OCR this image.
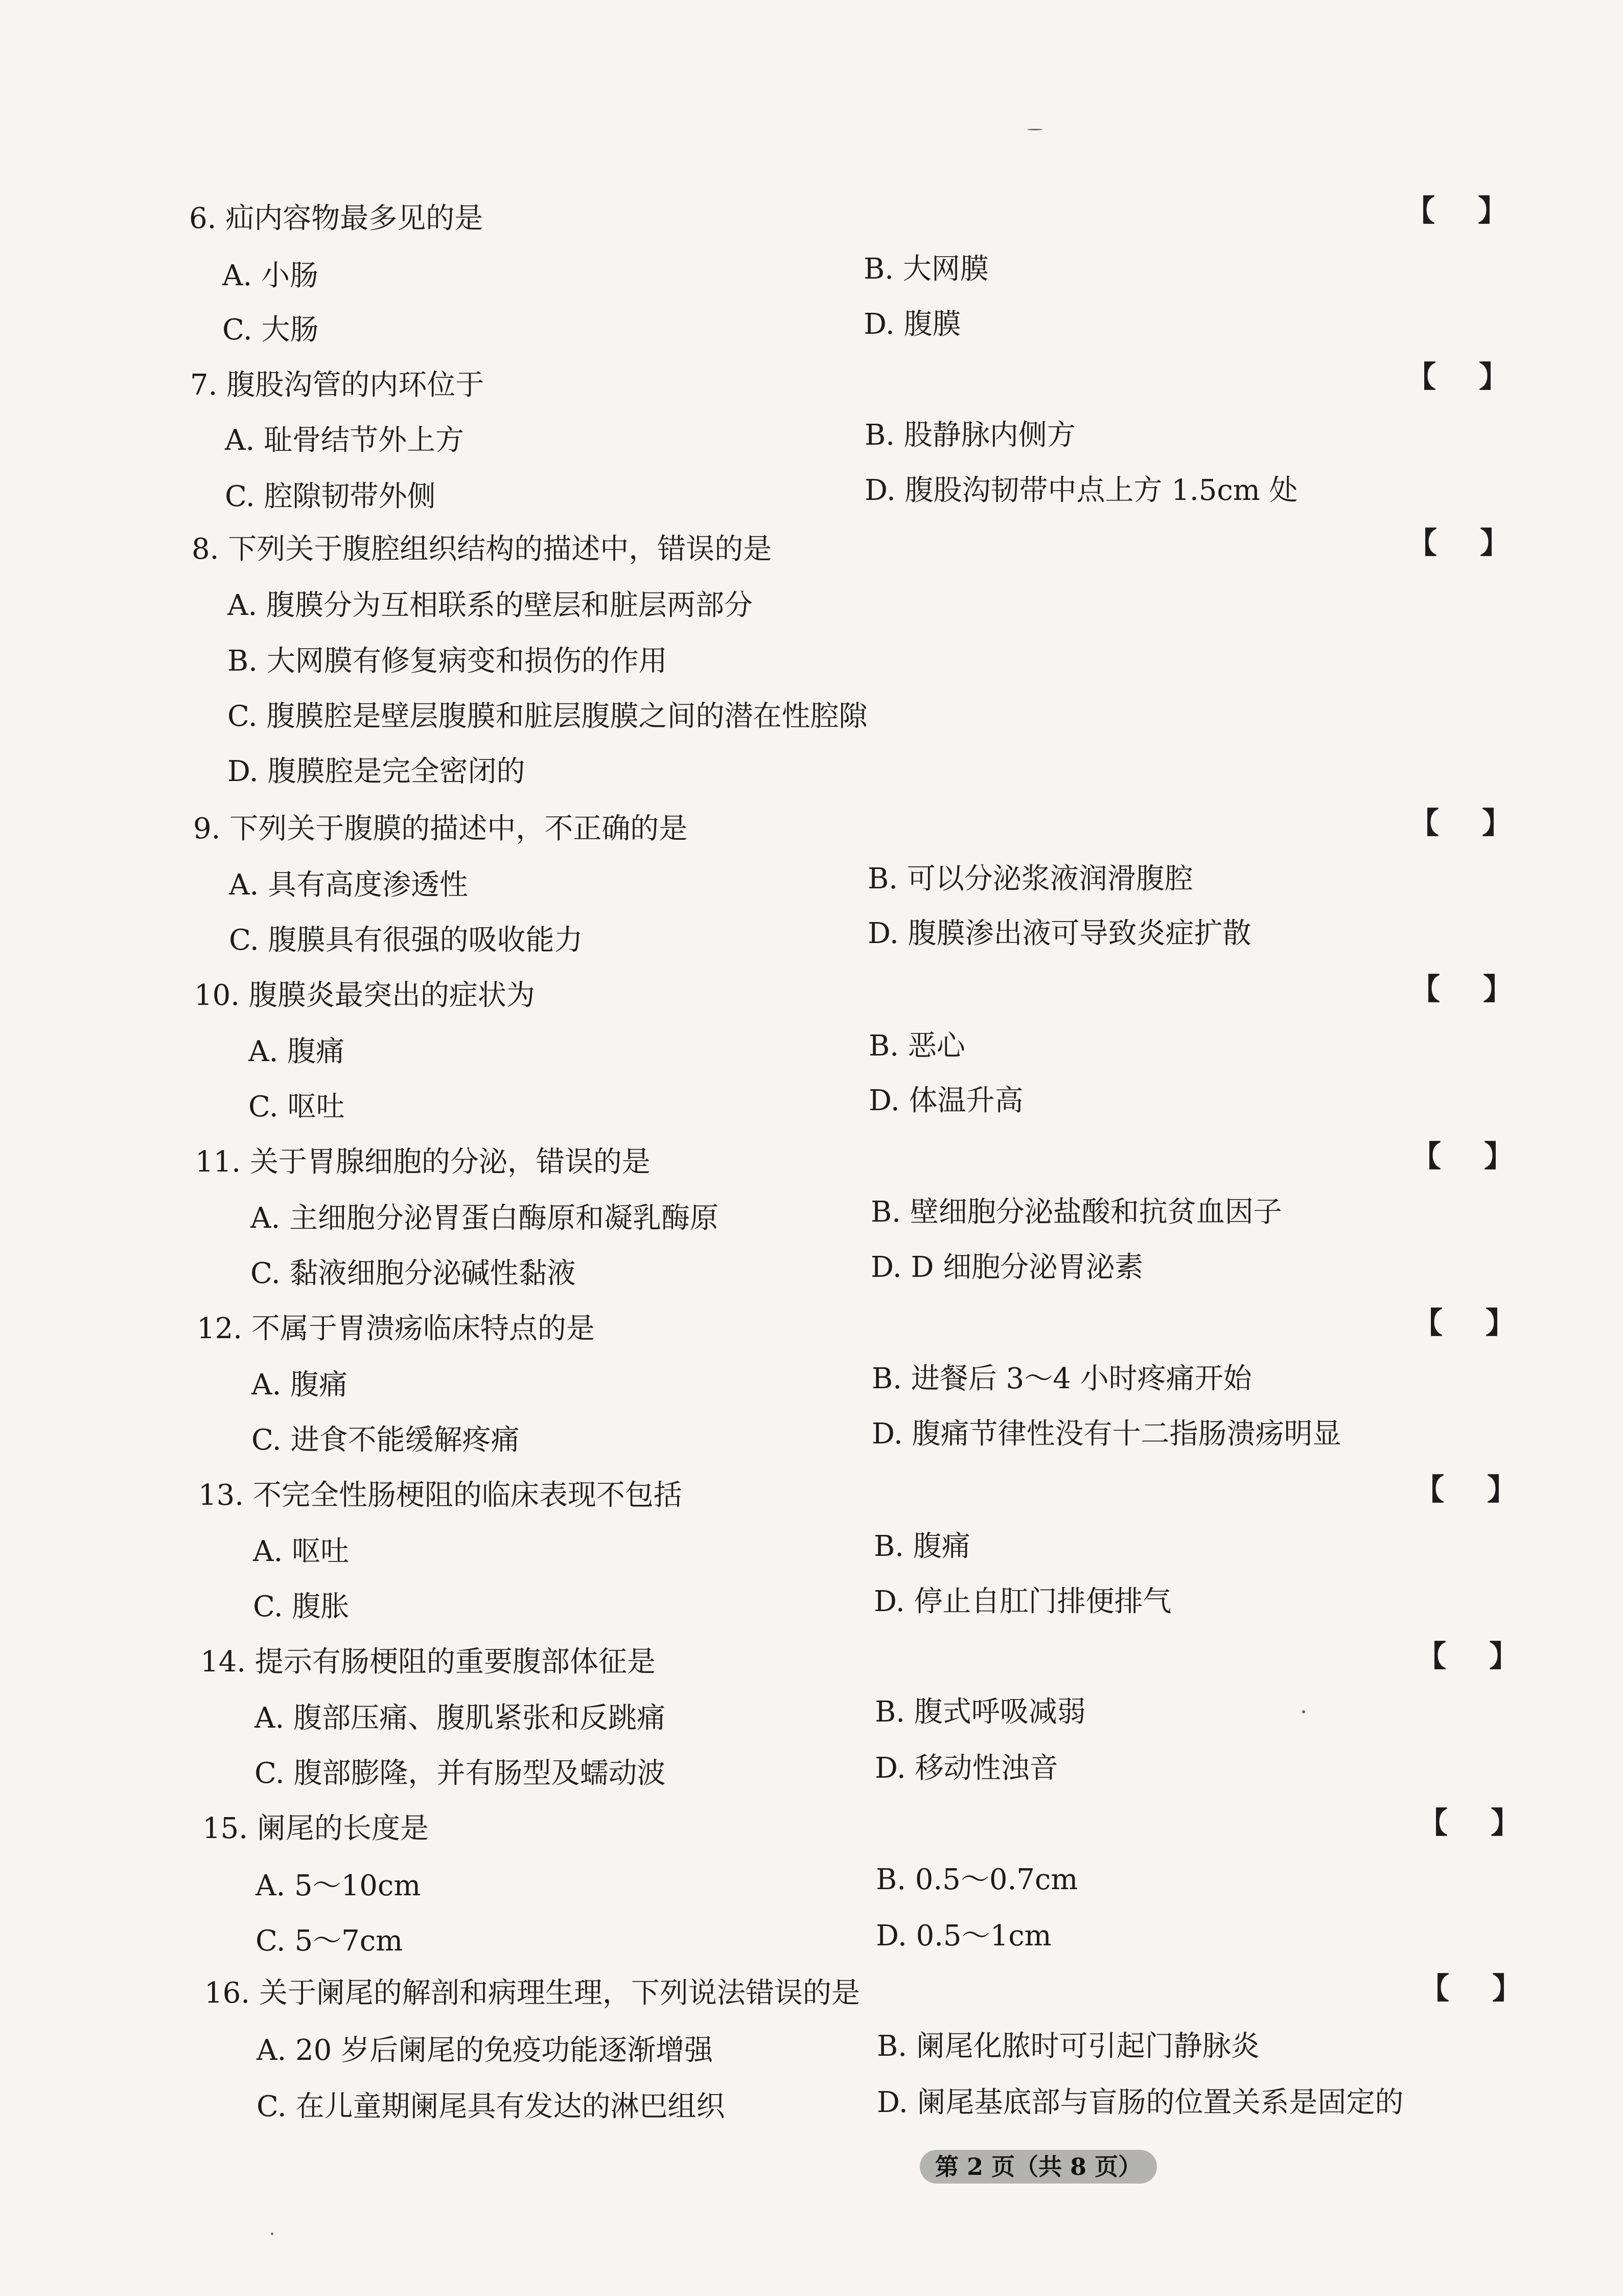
6. 疝内容物最多见的是	【 】
A. 小肠	B. 大网膜
C. 大肠	D. 腹膜
7. 腹股沟管的内环位于	【 】
A. 耻骨结节外上方	B. 股静脉内侧方
C. 腔隙韧带外侧	D. 腹股沟韧带中点上方 1.5cm 处
8. 下列关于腹腔组织结构的描述中，错误的是	【 】
A. 腹膜分为互相联系的壁层和脏层两部分
B. 大网膜有修复病变和损伤的作用
C. 腹膜腔是壁层腹膜和脏层腹膜之间的潜在性腔隙
D. 腹膜腔是完全密闭的
9. 下列关于腹膜的描述中，不正确的是	【 】
A. 具有高度渗透性	B. 可以分泌浆液润滑腹腔
C. 腹膜具有很强的吸收能力	D. 腹膜渗出液可导致炎症扩散
10. 腹膜炎最突出的症状为	【 】
A. 腹痛	B. 恶心
C. 呕吐	D. 体温升高
11. 关于胃腺细胞的分泌，错误的是	【 】
A. 主细胞分泌胃蛋白酶原和凝乳酶原	B. 壁细胞分泌盐酸和抗贫血因子
C. 黏液细胞分泌碱性黏液	D. D 细胞分泌胃泌素
12. 不属于胃溃疡临床特点的是	【 】
A. 腹痛	B. 进餐后 3～4 小时疼痛开始
C. 进食不能缓解疼痛	D. 腹痛节律性没有十二指肠溃疡明显
13. 不完全性肠梗阻的临床表现不包括	【 】
A. 呕吐	B. 腹痛
C. 腹胀	D. 停止自肛门排便排气
14. 提示有肠梗阻的重要腹部体征是	【 】
A. 腹部压痛、腹肌紧张和反跳痛	B. 腹式呼吸减弱
C. 腹部膨隆，并有肠型及蠕动波	D. 移动性浊音
15. 阑尾的长度是	【 】
A. 5～10cm	B. 0.5～0.7cm
C. 5～7cm	D. 0.5～1cm
16. 关于阑尾的解剖和病理生理，下列说法错误的是	【 】
A. 20 岁后阑尾的免疫功能逐渐增强	B. 阑尾化脓时可引起门静脉炎
C. 在儿童期阑尾具有发达的淋巴组织	D. 阑尾基底部与盲肠的位置关系是固定的
第 2 页（共 8 页）
